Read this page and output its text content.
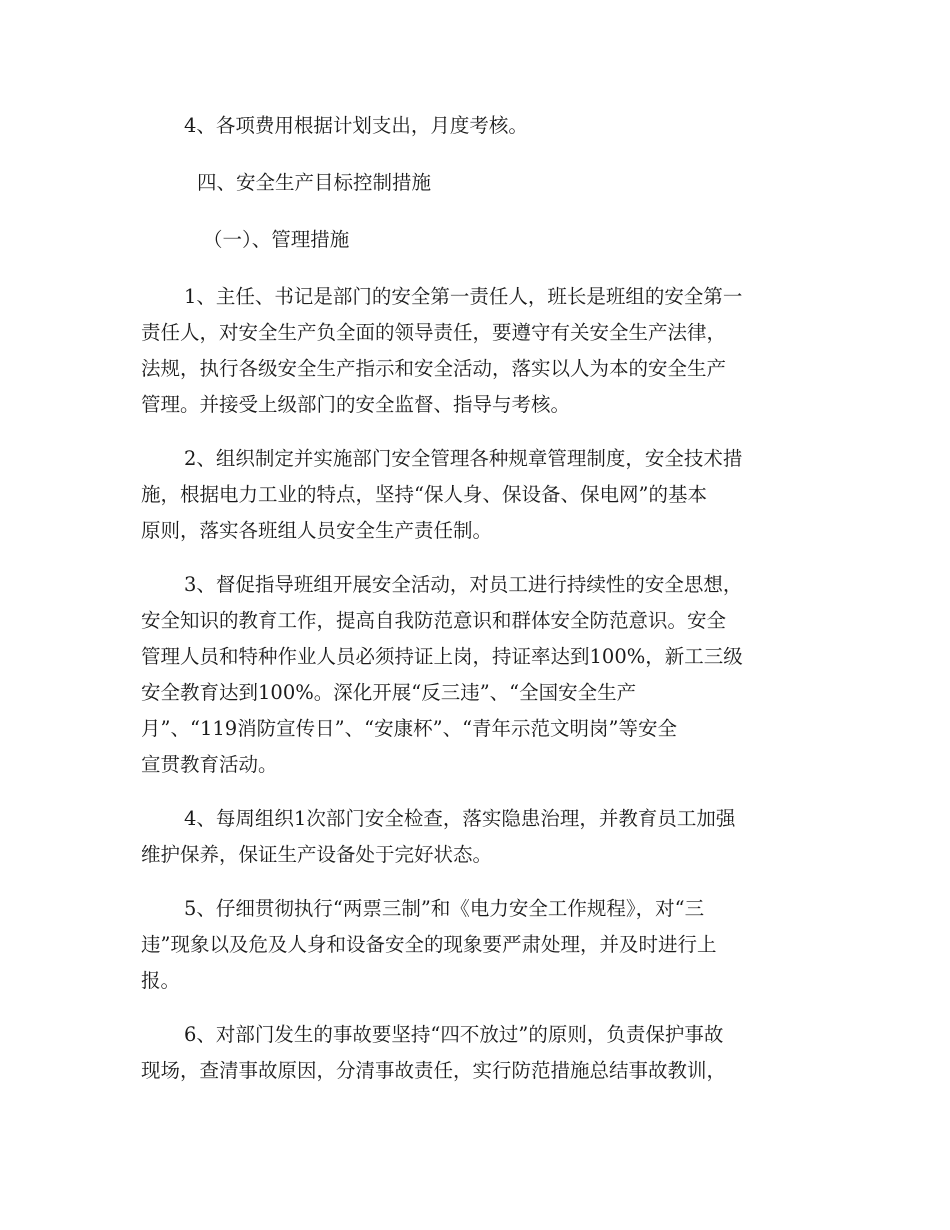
4、各项费用根据计划支出，月度考核。
四、安全生产目标控制措施
（一）、管理措施
1、主任、书记是部门的安全第一责任人，班长是班组的安全第一
责任人，对安全生产负全面的领导责任，要遵守有关安全生产法律，
法规，执行各级安全生产指示和安全活动，落实以人为本的安全生产
管理。并接受上级部门的安全监督、指导与考核。
2、组织制定并实施部门安全管理各种规章管理制度，安全技术措
施，根据电力工业的特点，坚持“保人身、保设备、保电网”的基本
原则，落实各班组人员安全生产责任制。
3、督促指导班组开展安全活动，对员工进行持续性的安全思想，
安全知识的教育工作，提高自我防范意识和群体安全防范意识。安全
管理人员和特种作业人员必须持证上岗，持证率达到100%，新工三级
安全教育达到100%。深化开展“反三违”、“全国安全生产
月”、“119消防宣传日”、“安康杯”、“青年示范文明岗”等安全
宣贯教育活动。
4、每周组织1次部门安全检查，落实隐患治理，并教育员工加强
维护保养，保证生产设备处于完好状态。
5、仔细贯彻执行“两票三制”和《电力安全工作规程》，对“三
违”现象以及危及人身和设备安全的现象要严肃处理，并及时进行上
报。
6、对部门发生的事故要坚持“四不放过”的原则，负责保护事故
现场，查清事故原因，分清事故责任，实行防范措施总结事故教训，
